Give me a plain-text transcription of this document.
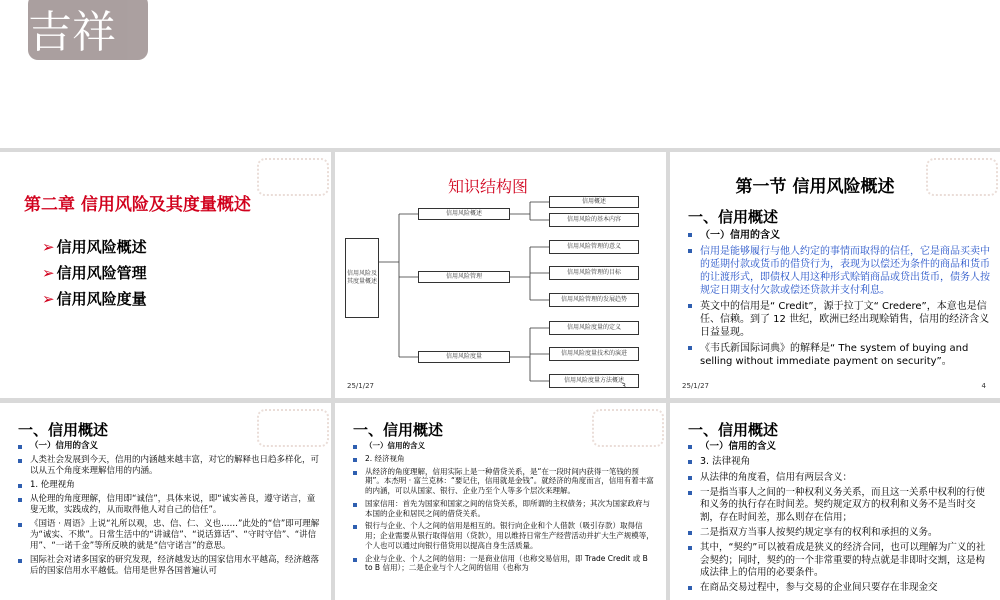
吉祥
第二章 信用风险及其度量概述
➢ 信用风险概述
➢ 信用风险管理
➢ 信用风险度量
知识结构图
信用风险及其度量概述
信用风险概述
信用风险管理
信用风险度量
信用概述
信用风险的基本内容
信用风险管理的意义
信用风险管理的目标
信用风险管理的发展趋势
信用风险度量的定义
信用风险度量技术的演进
信用风险度量方法概述
25/1/27	3
第一节 信用风险概述
一、信用概述
（一）信用的含义
信用是能够履行与他人约定的事情而取得的信任，它是商品买卖中的延期付款或货币的借贷行为，表现为以偿还为条件的商品和货币的让渡形式，即债权人用这种形式赊销商品或贷出货币，债务人按规定日期支付欠款或偿还贷款并支付利息。
英文中的信用是“ Credit”，源于拉丁文“ Credere”，本意也是信任、信赖。到了 12 世纪，欧洲已经出现赊销售，信用的经济含义日益显现。
《韦氏新国际词典》的解释是“ The system of buying and selling without immediate payment on security”。
25/1/27	4
一、信用概述
（一）信用的含义
人类社会发展到今天，信用的内涵越来越丰富，对它的解释也日趋多样化，可以从五个角度来理解信用的内涵。
1. 伦理视角
从伦理的角度理解，信用即“诚信”，具体来说，即“诚实善良，遵守诺言，童叟无欺，实践成约，从而取得他人对自己的信任”。
《国语 · 周语》上说“礼所以观，忠、信、仁、义也……”此处的“信”即可理解为“诚实、不欺”。日常生活中的“讲诚信”、“说话算话”、“守时守信”、“讲信用”、“一诺千金”等所反映的就是“信守诺言”的意思。
国际社会对诸多国家的研究发现，经济越发达的国家信用水平越高，经济越落后的国家信用水平越低。信用是世界各国普遍认可
一、信用概述
（一）信用的含义
2. 经济视角
从经济的角度理解，信用实际上是一种借贷关系，是“在一段时间内获得一笔钱的预期”。本杰明 · 富兰克林：“要记住，信用就是金钱”。就经济的角度而言，信用有着丰富的内涵，可以从国家、银行、企业乃至个人等多个层次来理解。
国家信用：首先为国家和国家之间的信贷关系，即所谓的主权债务；其次为国家政府与本国的企业和居民之间的借贷关系。
银行与企业、个人之间的信用是相互的。银行向企业和个人借款（吸引存款）取得信用；企业需要从银行取得信用（贷款），用以维持日常生产经营活动并扩大生产规模等，个人也可以通过向银行借贷用以提高自身生活质量。
企业与企业、个人之间的信用：一是商业信用（也称交易信用，即 Trade Credit 或 B to B 信用）；二是企业与个人之间的信用（也称为
一、信用概述
（一）信用的含义
3. 法律视角
从法律的角度看，信用有两层含义：
一是指当事人之间的一种权利义务关系，而且这一关系中权利的行使和义务的执行存在时间差。契约规定双方的权利和义务不是当时交割，存在时间差，那么则存在信用；
二是指双方当事人按契约规定享有的权利和承担的义务。
其中，“契约”可以被看成是狭义的经济合同，也可以理解为广义的社会契约；同时，契约的一个非常重要的特点就是非即时交割，这是构成法律上的信用的必要条件。
在商品交易过程中，参与交易的企业间只要存在非现金交
